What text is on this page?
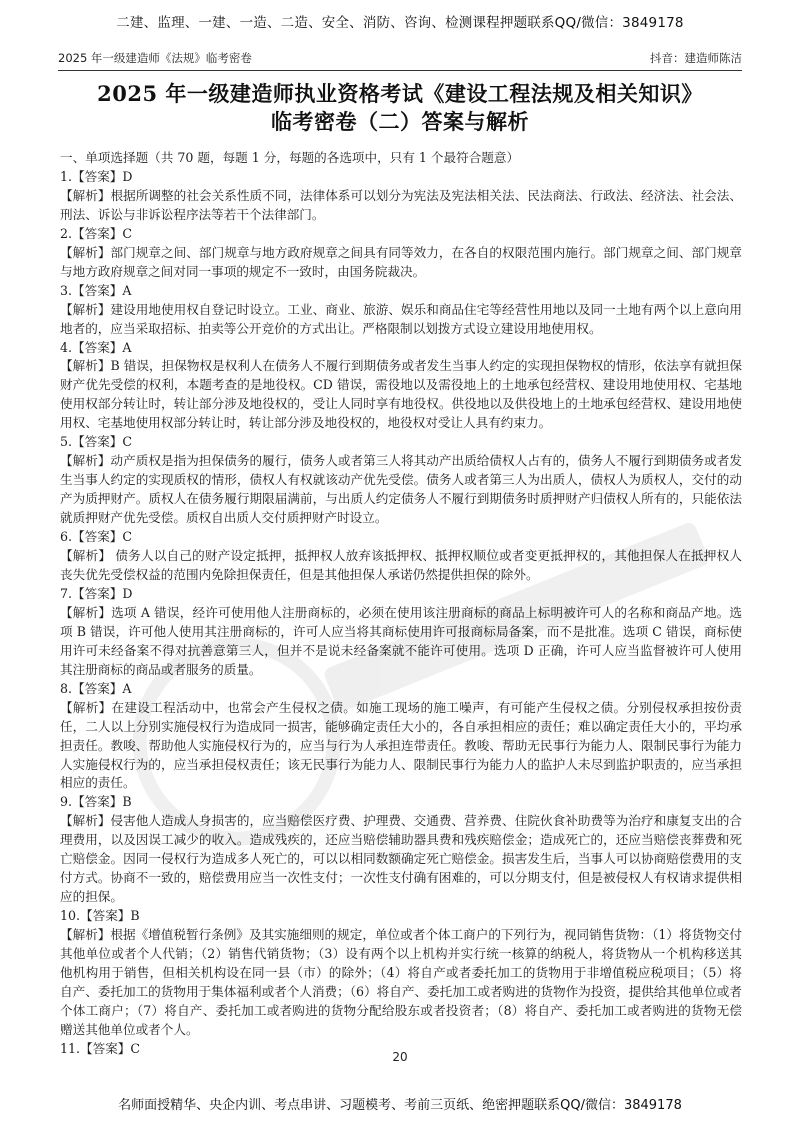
二建、监理、一建、一造、二造、安全、消防、咨询、检测课程押题联系QQ/微信：3849178
2025 年一级建造师《法规》临考密卷	抖音：建造师陈洁
2025 年一级建造师执业资格考试《建设工程法规及相关知识》
临考密卷（二）答案与解析
一、单项选择题（共 70 题，每题 1 分，每题的各选项中，只有 1 个最符合题意）
1.【答案】D
【解析】根据所调整的社会关系性质不同，法律体系可以划分为宪法及宪法相关法、民法商法、行政法、经济法、社会法、刑法、诉讼与非诉讼程序法等若干个法律部门。
2.【答案】C
【解析】部门规章之间、部门规章与地方政府规章之间具有同等效力，在各自的权限范围内施行。部门规章之间、部门规章与地方政府规章之间对同一事项的规定不一致时，由国务院裁决。
3.【答案】A
【解析】建设用地使用权自登记时设立。工业、商业、旅游、娱乐和商品住宅等经营性用地以及同一土地有两个以上意向用地者的，应当采取招标、拍卖等公开竞价的方式出让。严格限制以划拨方式设立建设用地使用权。
4.【答案】A
【解析】B 错误，担保物权是权利人在债务人不履行到期债务或者发生当事人约定的实现担保物权的情形，依法享有就担保财产优先受偿的权利，本题考查的是地役权。CD 错误，需役地以及需役地上的土地承包经营权、建设用地使用权、宅基地使用权部分转让时，转让部分涉及地役权的，受让人同时享有地役权。供役地以及供役地上的土地承包经营权、建设用地使用权、宅基地使用权部分转让时，转让部分涉及地役权的，地役权对受让人具有约束力。
5.【答案】C
【解析】动产质权是指为担保债务的履行，债务人或者第三人将其动产出质给债权人占有的，债务人不履行到期债务或者发生当事人约定的实现质权的情形，债权人有权就该动产优先受偿。债务人或者第三人为出质人，债权人为质权人，交付的动产为质押财产。质权人在债务履行期限届满前，与出质人约定债务人不履行到期债务时质押财产归债权人所有的，只能依法就质押财产优先受偿。质权自出质人交付质押财产时设立。
6.【答案】C
【解析】 债务人以自己的财产设定抵押，抵押权人放弃该抵押权、抵押权顺位或者变更抵押权的，其他担保人在抵押权人丧失优先受偿权益的范围内免除担保责任，但是其他担保人承诺仍然提供担保的除外。
7.【答案】D
【解析】选项 A 错误，经许可使用他人注册商标的，必须在使用该注册商标的商品上标明被许可人的名称和商品产地。选项 B 错误，许可他人使用其注册商标的，许可人应当将其商标使用许可报商标局备案，而不是批准。选项 C 错误，商标使用许可未经备案不得对抗善意第三人，但并不是说未经备案就不能许可使用。选项 D 正确，许可人应当监督被许可人使用其注册商标的商品或者服务的质量。
8.【答案】A
【解析】在建设工程活动中，也常会产生侵权之债。如施工现场的施工噪声，有可能产生侵权之债。分别侵权承担按份责任，二人以上分别实施侵权行为造成同一损害，能够确定责任大小的，各自承担相应的责任；难以确定责任大小的，平均承担责任。教唆、帮助他人实施侵权行为的，应当与行为人承担连带责任。教唆、帮助无民事行为能力人、限制民事行为能力人实施侵权行为的，应当承担侵权责任；该无民事行为能力人、限制民事行为能力人的监护人未尽到监护职责的，应当承担相应的责任。
9.【答案】B
【解析】侵害他人造成人身损害的，应当赔偿医疗费、护理费、交通费、营养费、住院伙食补助费等为治疗和康复支出的合理费用，以及因误工减少的收入。造成残疾的，还应当赔偿辅助器具费和残疾赔偿金；造成死亡的，还应当赔偿丧葬费和死亡赔偿金。因同一侵权行为造成多人死亡的，可以以相同数额确定死亡赔偿金。损害发生后，当事人可以协商赔偿费用的支付方式。协商不一致的，赔偿费用应当一次性支付；一次性支付确有困难的，可以分期支付，但是被侵权人有权请求提供相应的担保。
10.【答案】B
【解析】根据《增值税暂行条例》及其实施细则的规定，单位或者个体工商户的下列行为，视同销售货物：（1）将货物交付其他单位或者个人代销；（2）销售代销货物；（3）设有两个以上机构并实行统一核算的纳税人，将货物从一个机构移送其他机构用于销售，但相关机构设在同一县（市）的除外；（4）将自产或者委托加工的货物用于非增值税应税项目；（5）将自产、委托加工的货物用于集体福利或者个人消费；（6）将自产、委托加工或者购进的货物作为投资，提供给其他单位或者个体工商户；（7）将自产、委托加工或者购进的货物分配给股东或者投资者；（8）将自产、委托加工或者购进的货物无偿赠送其他单位或者个人。
11.【答案】C
20
名师面授精华、央企内训、考点串讲、习题模考、考前三页纸、绝密押题联系QQ/微信：3849178
